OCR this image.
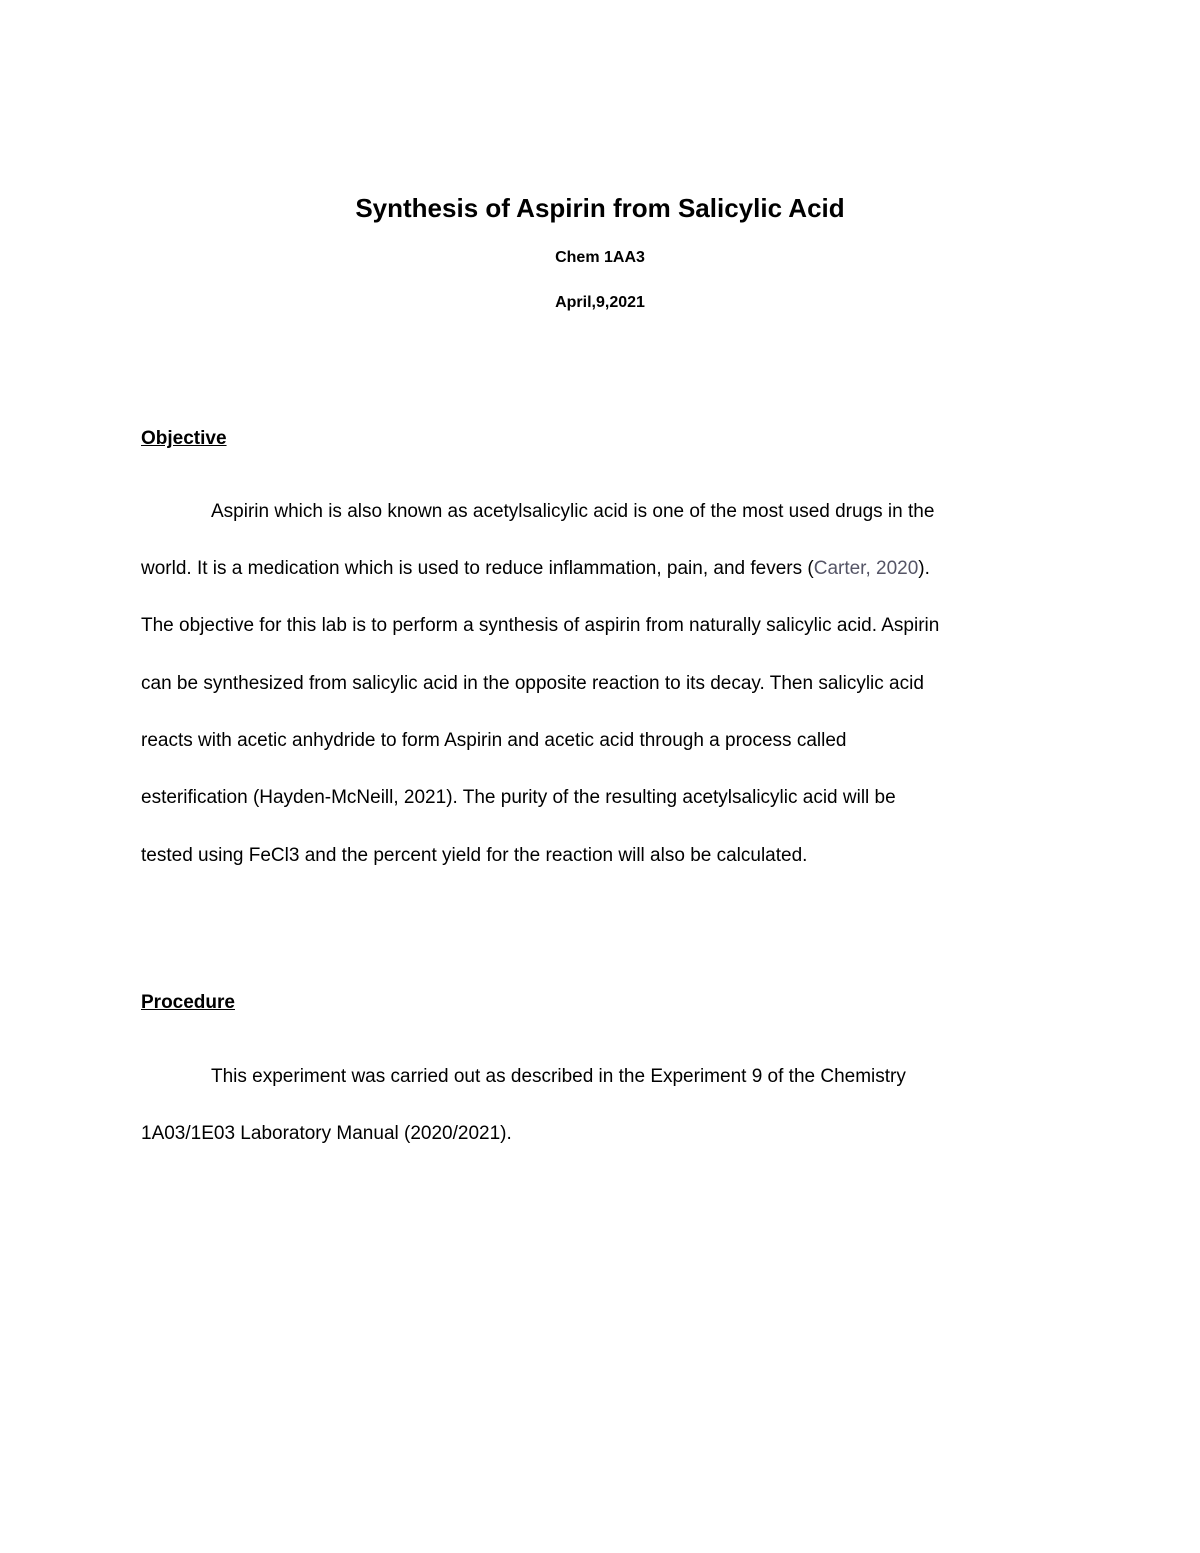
Synthesis of Aspirin from Salicylic Acid
Chem 1AA3
April,9,2021
Objective
Aspirin which is also known as acetylsalicylic acid is one of the most used drugs in the
world. It is a medication which is used to reduce inflammation, pain, and fevers (Carter, 2020).
The objective for this lab is to perform a synthesis of aspirin from naturally salicylic acid. Aspirin
can be synthesized from salicylic acid in the opposite reaction to its decay. Then salicylic acid
reacts with acetic anhydride to form Aspirin and acetic acid through a process called
esterification (Hayden-McNeill, 2021). The purity of the resulting acetylsalicylic acid will be
tested using FeCl3 and the percent yield for the reaction will also be calculated.
Procedure
This experiment was carried out as described in the Experiment 9 of the Chemistry
1A03/1E03 Laboratory Manual (2020/2021).
